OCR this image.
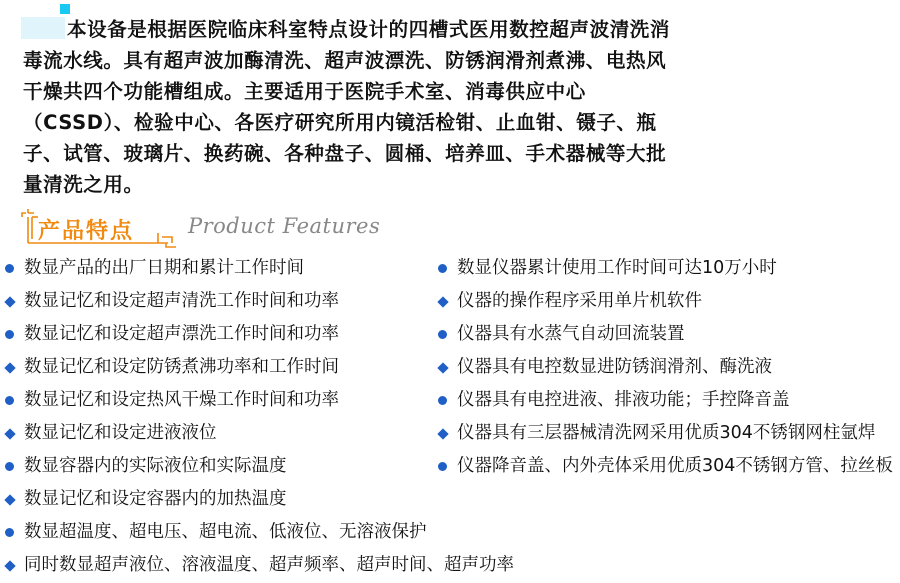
本设备是根据医院临床科室特点设计的四槽式医用数控超声波清洗消毒流水线。具有超声波加酶清洗、超声波漂洗、防锈润滑剂煮沸、电热风干燥共四个功能槽组成。主要适用于医院手术室、消毒供应中心（CSSD）、检验中心、各医疗研究所用内镜活检钳、止血钳、镊子、瓶子、试管、玻璃片、换药碗、各种盘子、圆桶、培养皿、手术器械等大批量清洗之用。

产品特点	Product Features
数显产品的出厂日期和累计工作时间
数显记忆和设定超声清洗工作时间和功率
数显记忆和设定超声漂洗工作时间和功率
数显记忆和设定防锈煮沸功率和工作时间
数显记忆和设定热风干燥工作时间和功率
数显记忆和设定进液液位
数显容器内的实际液位和实际温度
数显记忆和设定容器内的加热温度
数显超温度、超电压、超电流、低液位、无溶液保护
同时数显超声液位、溶液温度、超声频率、超声时间、超声功率
数显仪器累计使用工作时间可达10万小时
仪器的操作程序采用单片机软件
仪器具有水蒸气自动回流装置
仪器具有电控数显进防锈润滑剂、酶洗液
仪器具有电控进液、排液功能；手控降音盖
仪器具有三层器械清洗网采用优质304不锈钢网柱氩焊
仪器降音盖、内外壳体采用优质304不锈钢方管、拉丝板
